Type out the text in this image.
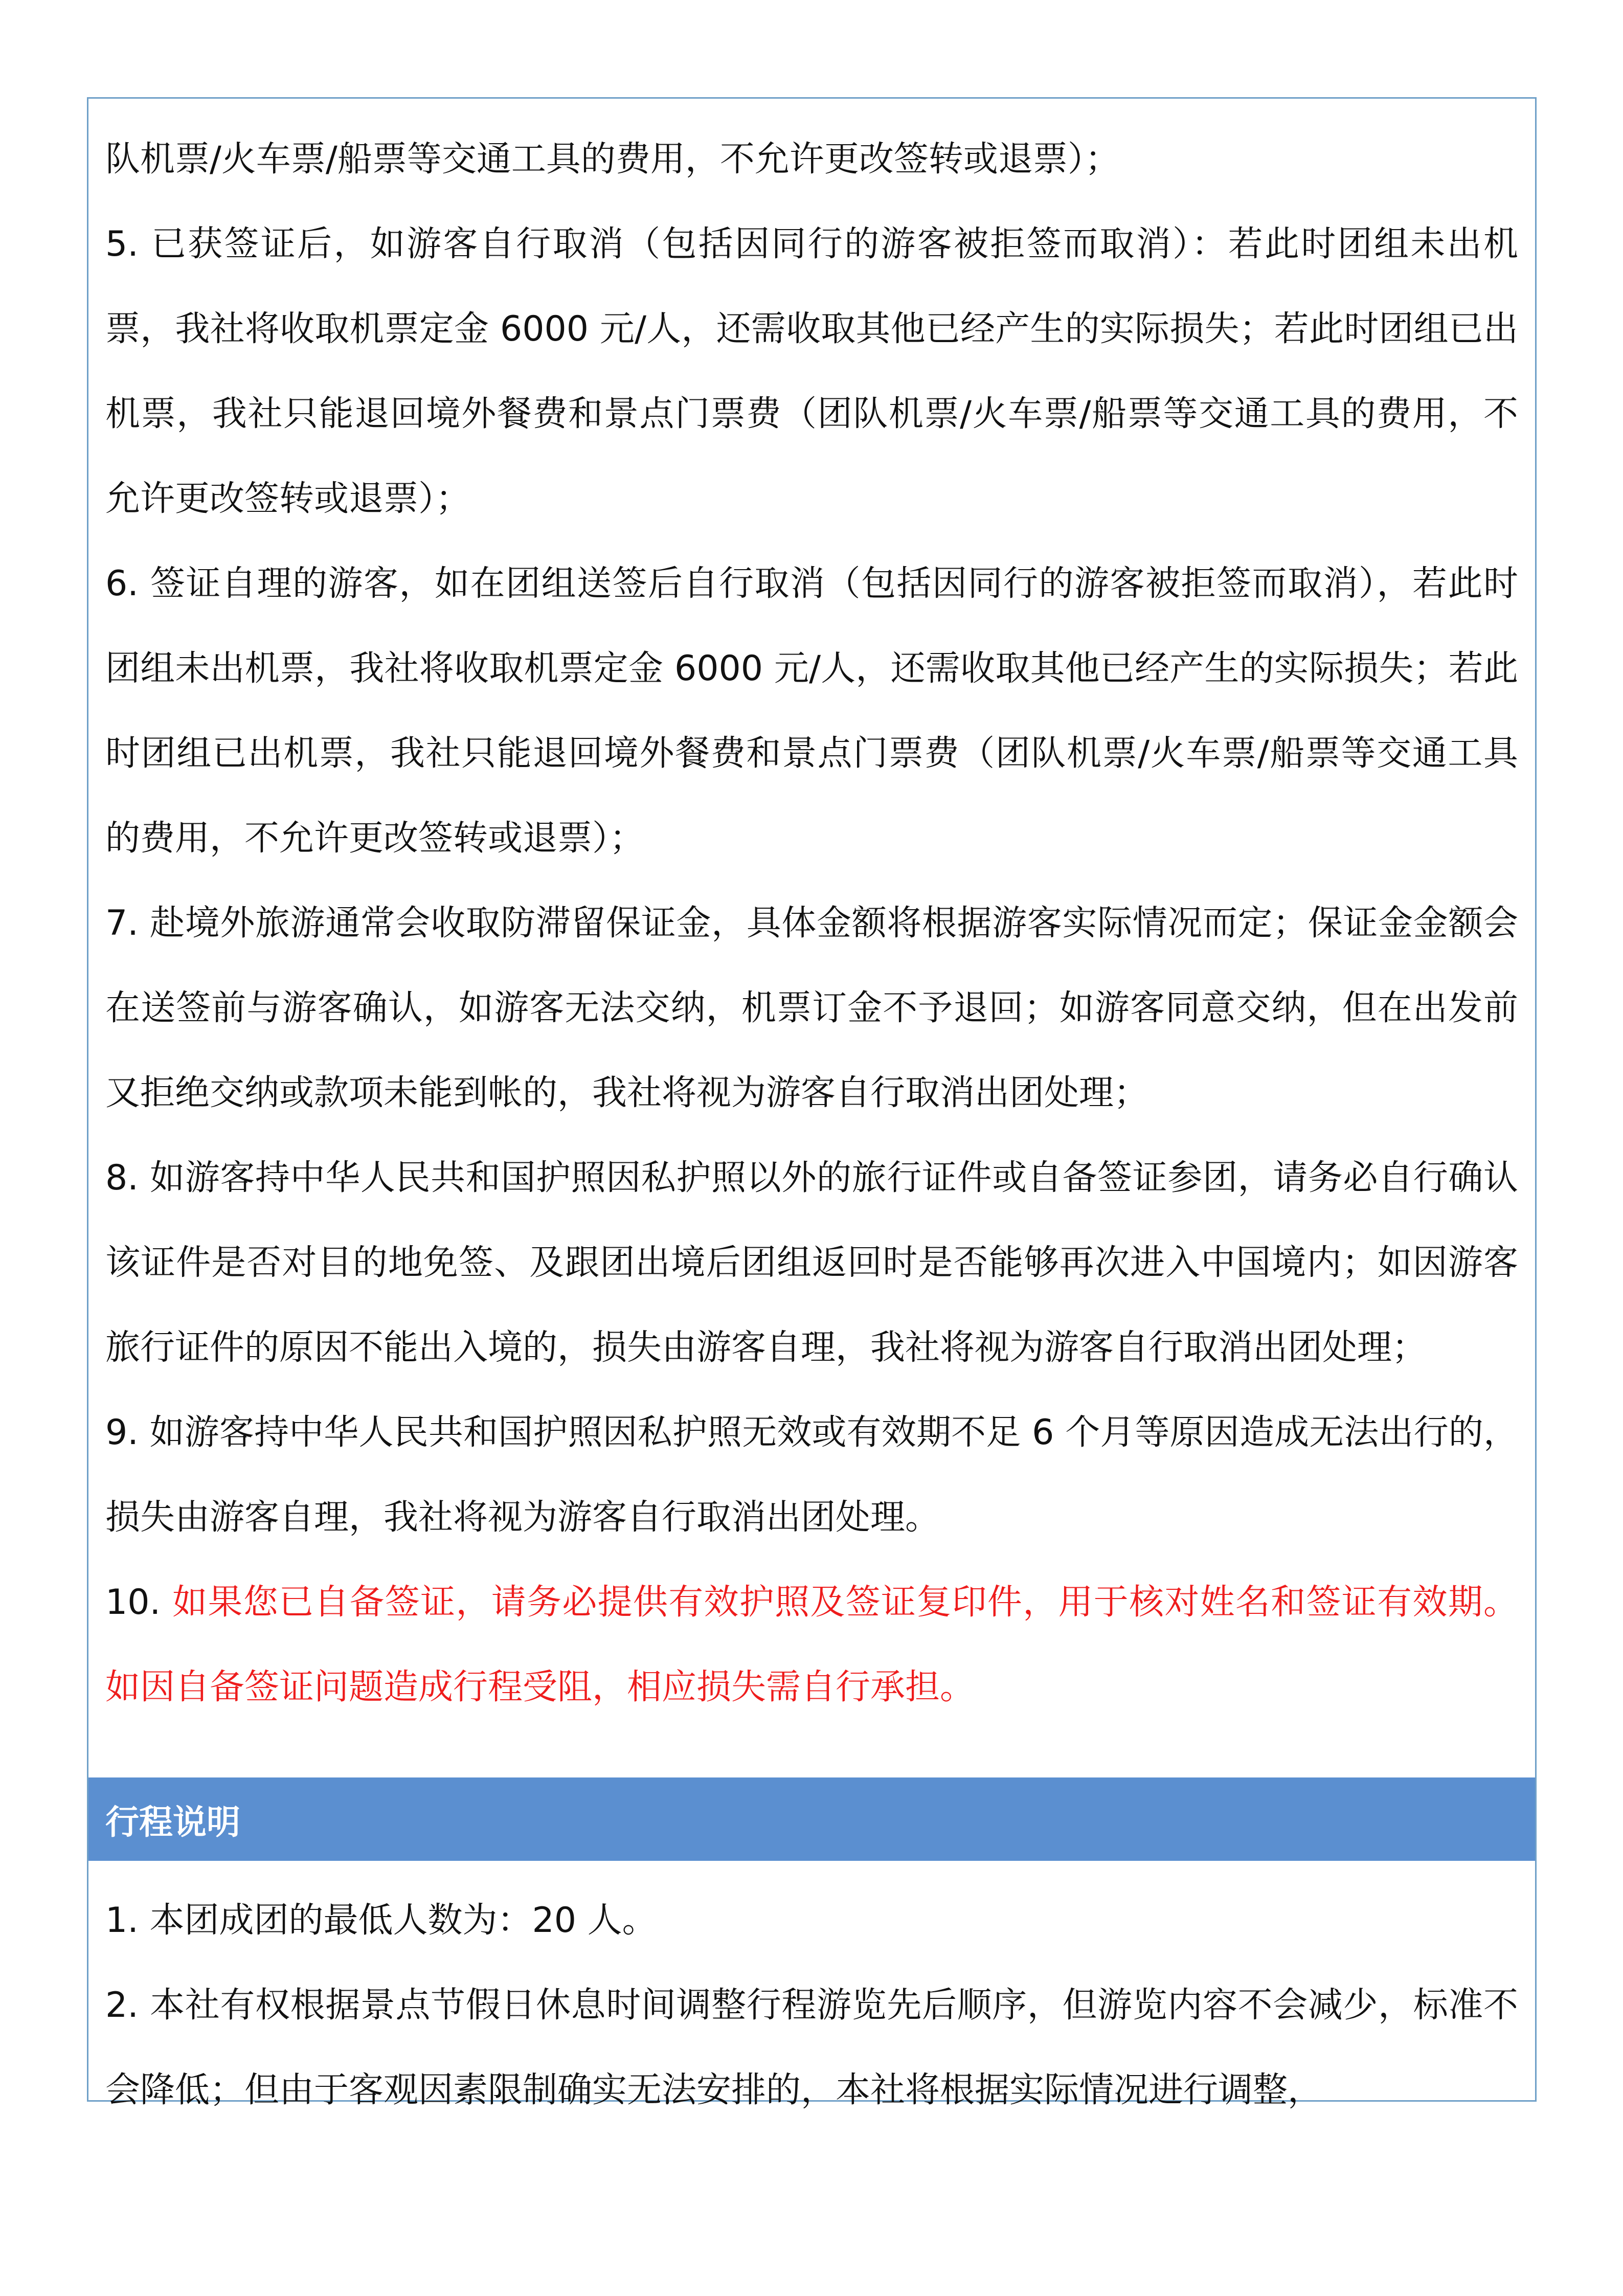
队机票/火车票/船票等交通工具的费用，不允许更改签转或退票）；

5. 已获签证后，如游客自行取消（包括因同行的游客被拒签而取消）：若此时团组未出机票，我社将收取机票定金 6000 元/人，还需收取其他已经产生的实际损失；若此时团组已出机票，我社只能退回境外餐费和景点门票费（团队机票/火车票/船票等交通工具的费用，不允许更改签转或退票）；

6. 签证自理的游客，如在团组送签后自行取消（包括因同行的游客被拒签而取消），若此时团组未出机票，我社将收取机票定金 6000 元/人，还需收取其他已经产生的实际损失；若此时团组已出机票，我社只能退回境外餐费和景点门票费（团队机票/火车票/船票等交通工具的费用，不允许更改签转或退票）；

7. 赴境外旅游通常会收取防滞留保证金，具体金额将根据游客实际情况而定；保证金金额会在送签前与游客确认，如游客无法交纳，机票订金不予退回；如游客同意交纳，但在出发前又拒绝交纳或款项未能到帐的，我社将视为游客自行取消出团处理；

8. 如游客持中华人民共和国护照因私护照以外的旅行证件或自备签证参团，请务必自行确认该证件是否对目的地免签、及跟团出境后团组返回时是否能够再次进入中国境内；如因游客旅行证件的原因不能出入境的，损失由游客自理，我社将视为游客自行取消出团处理；

9. 如游客持中华人民共和国护照因私护照无效或有效期不足 6 个月等原因造成无法出行的，损失由游客自理，我社将视为游客自行取消出团处理。

10. 如果您已自备签证，请务必提供有效护照及签证复印件，用于核对姓名和签证有效期。如因自备签证问题造成行程受阻，相应损失需自行承担。

行程说明

1. 本团成团的最低人数为：20 人。

2. 本社有权根据景点节假日休息时间调整行程游览先后顺序，但游览内容不会减少，标准不会降低；但由于客观因素限制确实无法安排的，本社将根据实际情况进行调整，
